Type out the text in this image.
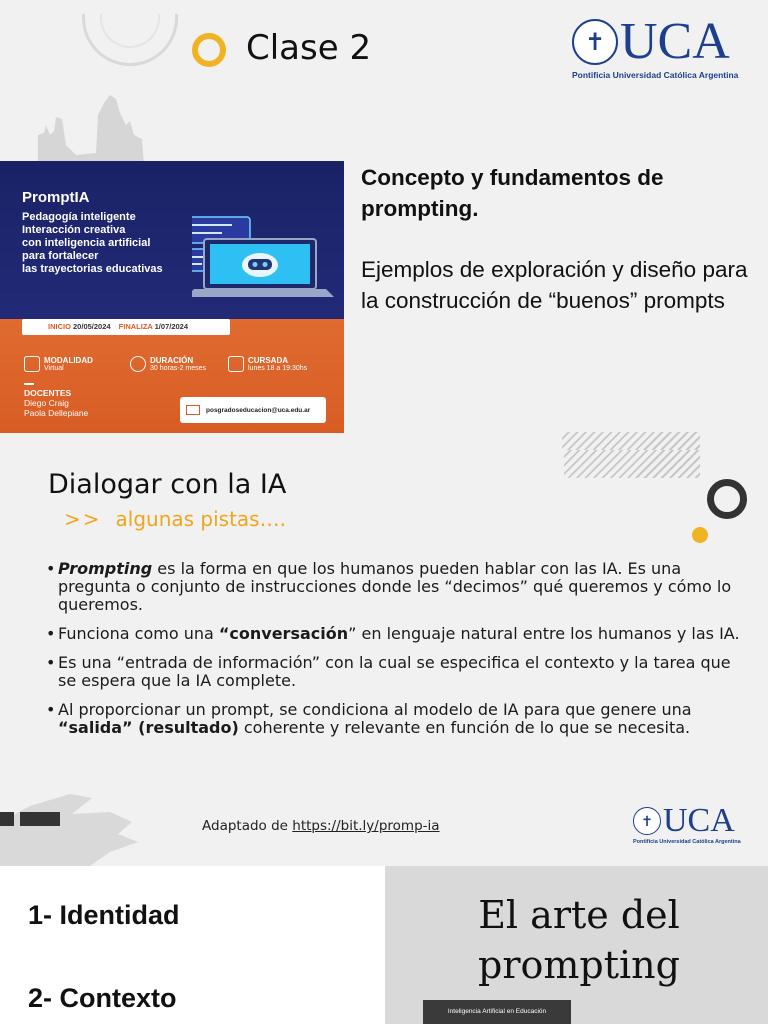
Clase 2	✝ UCA
Pontificia Universidad Católica Argentina
PromptIA
Pedagogía inteligente
Interacción creativa
con inteligencia artificial
para fortalecer
las trayectorias educativas
INICIO 20/05/2024 FINALIZA 1/07/2024
MODALIDAD
Virtual
DURACIÓN
30 horas-2 meses
CURSADA
lunes 18 a 19:30hs
DOCENTES
Diego Craig
Paola Dellepiane	posgradoseducacion@uca.edu.ar
Concepto y fundamentos de prompting.
Ejemplos de exploración y diseño para la construcción de “buenos” prompts
Dialogar con la IA
>> algunas pistas….
• Prompting es la forma en que los humanos pueden hablar con las IA. Es una pregunta o conjunto de instrucciones donde les “decimos” qué queremos y cómo lo queremos.
• Funciona como una “conversación” en lenguaje natural entre los humanos y las IA.
• Es una “entrada de información” con la cual se especifica el contexto y la tarea que se espera que la IA complete.
• Al proporcionar un prompt, se condiciona al modelo de IA para que genere una “salida” (resultado) coherente y relevante en función de lo que se necesita.
Adaptado de https://bit.ly/promp-ia	✝ UCA
Pontificia Universidad Católica Argentina
1- Identidad
2- Contexto
El arte del
prompting
Inteligencia Artificial en Educación
